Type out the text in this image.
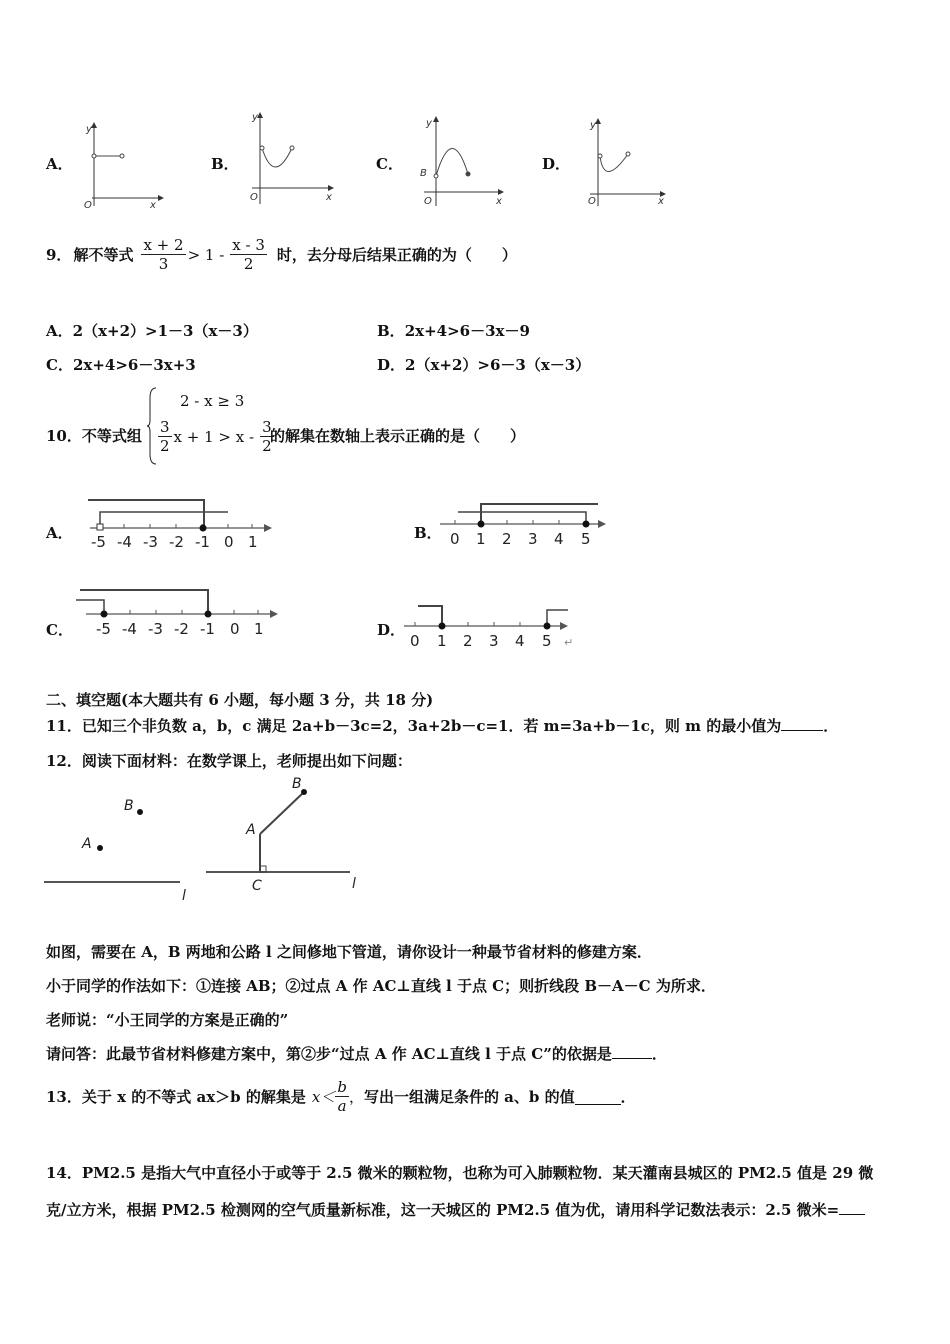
A．
y
x
O
B．
y
x
O
C．
y
B
x
O
D．
y
x
O
9． 解不等式 $\frac{x + 2}{3} > 1 - \frac{x - 3}{2}$ 时，去分母后结果正确的为（　　）
A．2（x+2）>1－3（x－3）	B．2x+4>6－3x－9
C．2x+4>6－3x+3	D．2（x+2）>6－3（x－3）
10．不等式组
2 - x ≥ 3
$\frac{3}{2}$ $x + 1 > x - \frac{3}{2}$
的解集在数轴上表示正确的是（　　）
A． -5 -4 -3 -2 -1 0 1	B． 0 1 2 3 4 5
C． -5 -4 -3 -2 -1 0 1	D．
0 1 2 3 4 5 ↵
二、填空题(本大题共有 6 小题，每小题 3 分，共 18 分)
11．已知三个非负数 a，b，c 满足 2a+b－3c=2，3a+2b－c=1．若 m=3a+b－1c，则 m 的最小值为	．
12．阅读下面材料：在数学课上，老师提出如下问题：
B
A
l
B
A
C	l
如图，需要在 A，B 两地和公路 l 之间修地下管道，请你设计一种最节省材料的修建方案．
小于同学的作法如下：①连接 AB；②过点 A 作 AC⊥直线 l 于点 C；则折线段 B－A－C 为所求．
老师说：“小王同学的方案是正确的”
请问答：此最节省材料修建方案中，第②步“过点 A 作 AC⊥直线 l 于点 C”的依据是	．
13．关于 x 的不等式 ax＞b 的解集是 $x< \frac{b}{a}$ ， 写出一组满足条件的 a、b 的值	．
14．PM2.5 是指大气中直径小于或等于 2.5 微米的颗粒物，也称为可入肺颗粒物．某天灌南县城区的 PM2.5 值是 29 微
克/立方米，根据 PM2.5 检测网的空气质量新标准，这一天城区的 PM2.5 值为优，请用科学记数法表示：2.5 微米=
